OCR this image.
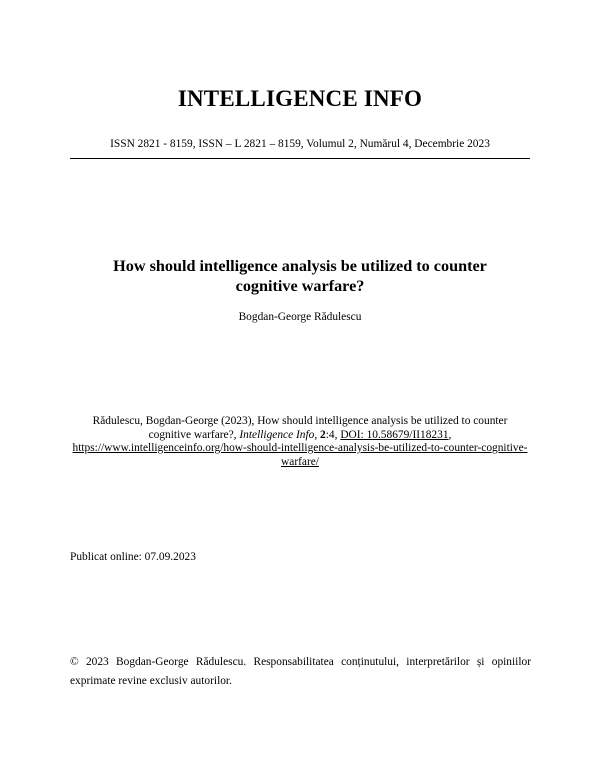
INTELLIGENCE INFO
ISSN 2821 - 8159, ISSN – L 2821 – 8159, Volumul 2, Numărul 4, Decembrie 2023
How should intelligence analysis be utilized to counter
cognitive warfare?
Bogdan-George Rădulescu
Rădulescu, Bogdan-George (2023), How should intelligence analysis be utilized to counter cognitive warfare?, Intelligence Info, 2:4, DOI: 10.58679/II18231, https://www.intelligenceinfo.org/how-should-intelligence-analysis-be-utilized-to-counter-cognitive-warfare/
Publicat online: 07.09.2023
© 2023 Bogdan-George Rădulescu. Responsabilitatea conținutului, interpretărilor și opiniilor exprimate revine exclusiv autorilor.
